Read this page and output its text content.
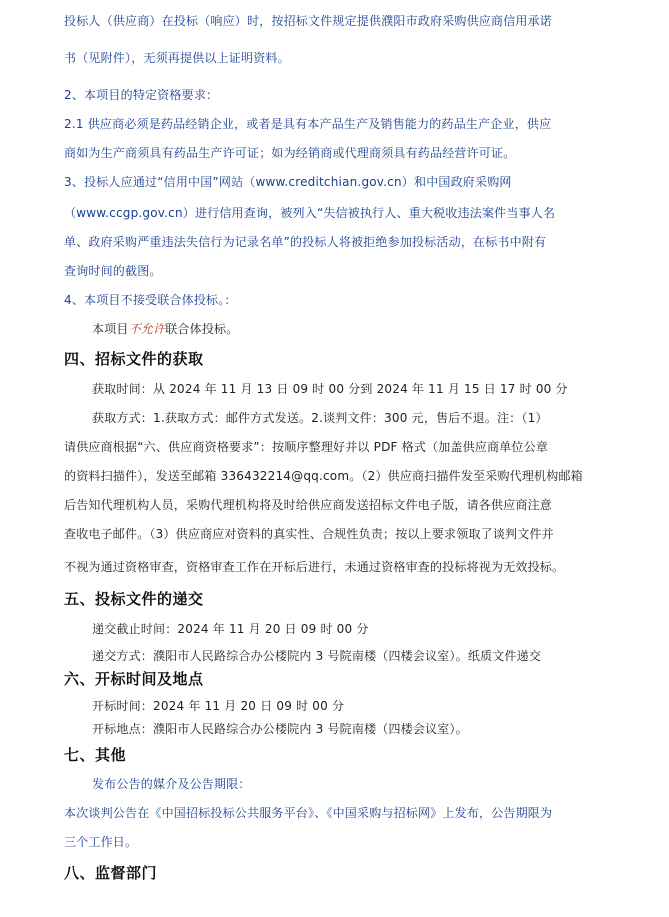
投标人（供应商）在投标（响应）时，按招标文件规定提供濮阳市政府采购供应商信用承诺
书（见附件），无须再提供以上证明资料。
2、本项目的特定资格要求：
2.1 供应商必须是药品经销企业，或者是具有本产品生产及销售能力的药品生产企业，供应
商如为生产商须具有药品生产许可证；如为经销商或代理商须具有药品经营许可证。
3、投标人应通过“信用中国”网站（www.creditchian.gov.cn）和中国政府采购网
（www.ccgp.gov.cn）进行信用查询，被列入“失信被执行人、重大税收违法案件当事人名
单、政府采购严重违法失信行为记录名单”的投标人将被拒绝参加投标活动，在标书中附有
查询时间的截图。
4、本项目不接受联合体投标。：
本项目不允许联合体投标。
四、招标文件的获取
获取时间：从 2024 年 11 月 13 日 09 时 00 分到 2024 年 11 月 15 日 17 时 00 分
获取方式：1.获取方式：邮件方式发送。2.谈判文件：300 元，售后不退。注：（1）
请供应商根据“六、供应商资格要求”：按顺序整理好并以 PDF 格式（加盖供应商单位公章
的资料扫描件），发送至邮箱 336432214@qq.com。（2）供应商扫描件发至采购代理机构邮箱
后告知代理机构人员，采购代理机构将及时给供应商发送招标文件电子版，请各供应商注意
查收电子邮件。（3）供应商应对资料的真实性、合规性负责；按以上要求领取了谈判文件并
不视为通过资格审查，资格审查工作在开标后进行，未通过资格审查的投标将视为无效投标。
五、投标文件的递交
递交截止时间：2024 年 11 月 20 日 09 时 00 分
递交方式：濮阳市人民路综合办公楼院内 3 号院南楼（四楼会议室）。纸质文件递交
六、开标时间及地点
开标时间：2024 年 11 月 20 日 09 时 00 分
开标地点：濮阳市人民路综合办公楼院内 3 号院南楼（四楼会议室）。
七、其他
发布公告的媒介及公告期限：
本次谈判公告在《中国招标投标公共服务平台》、《中国采购与招标网》上发布，公告期限为
三个工作日。
八、监督部门
